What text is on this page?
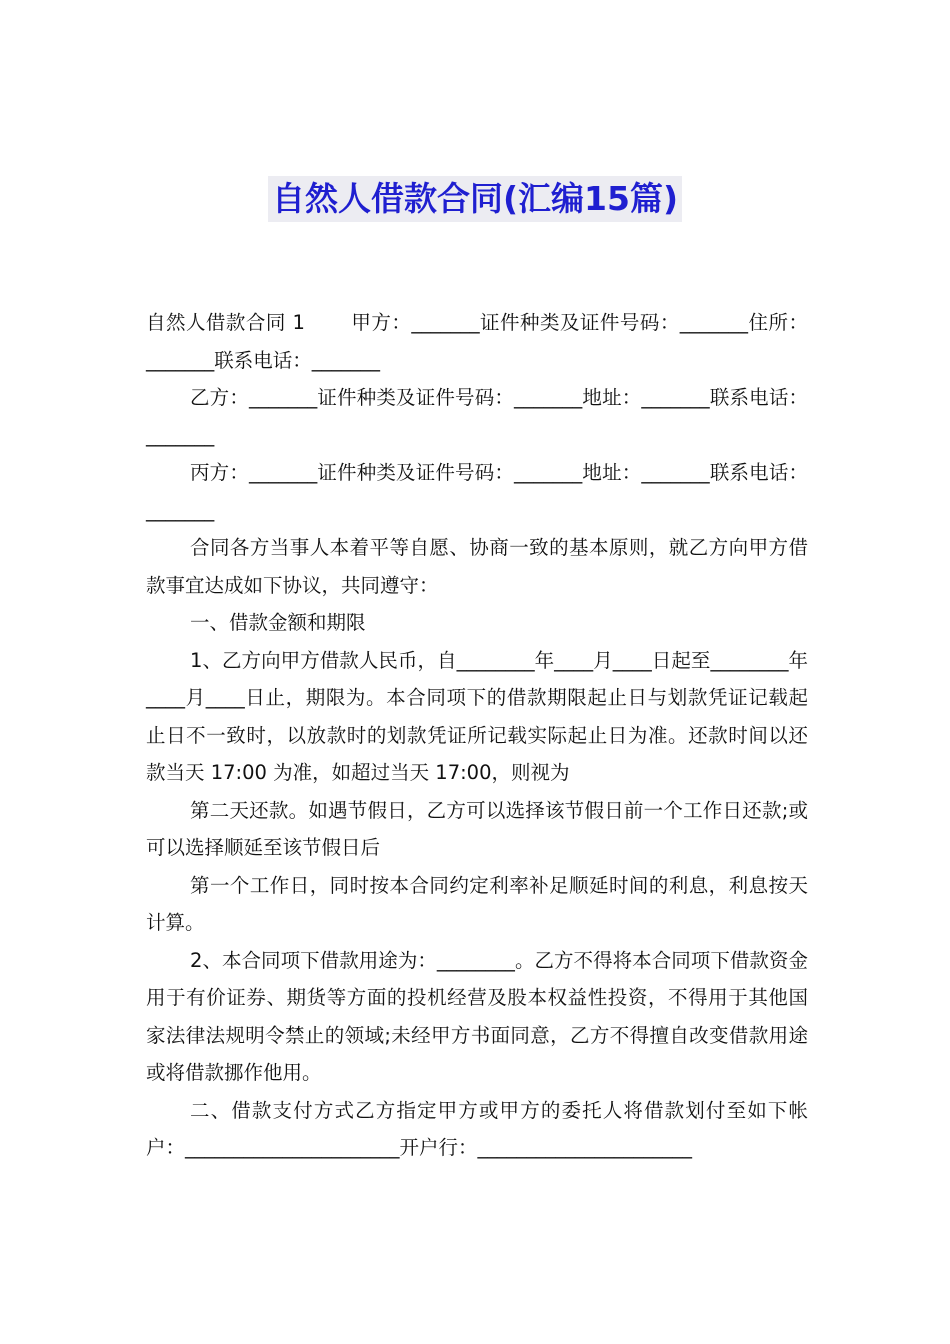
自然人借款合同(汇编15篇)

自然人借款合同 1 甲方：_______证件种类及证件号码：_______住所：_______联系电话：_______

乙方：_______证件种类及证件号码：_______地址：_______联系电话：_______

丙方：_______证件种类及证件号码：_______地址：_______联系电话：_______

合同各方当事人本着平等自愿、协商一致的基本原则，就乙方向甲方借款事宜达成如下协议，共同遵守：

一、借款金额和期限

1、乙方向甲方借款人民币，自________年____月____日起至________年____月____日止，期限为。本合同项下的借款期限起止日与划款凭证记载起止日不一致时，以放款时的划款凭证所记载实际起止日为准。还款时间以还款当天 17:00 为准，如超过当天 17:00，则视为

第二天还款。如遇节假日，乙方可以选择该节假日前一个工作日还款;或可以选择顺延至该节假日后

第一个工作日，同时按本合同约定利率补足顺延时间的利息，利息按天计算。

2、本合同项下借款用途为：________。乙方不得将本合同项下借款资金用于有价证券、期货等方面的投机经营及股本权益性投资，不得用于其他国家法律法规明令禁止的领域;未经甲方书面同意，乙方不得擅自改变借款用途或将借款挪作他用。

二、借款支付方式乙方指定甲方或甲方的委托人将借款划付至如下帐户：______________________开户行：______________________
